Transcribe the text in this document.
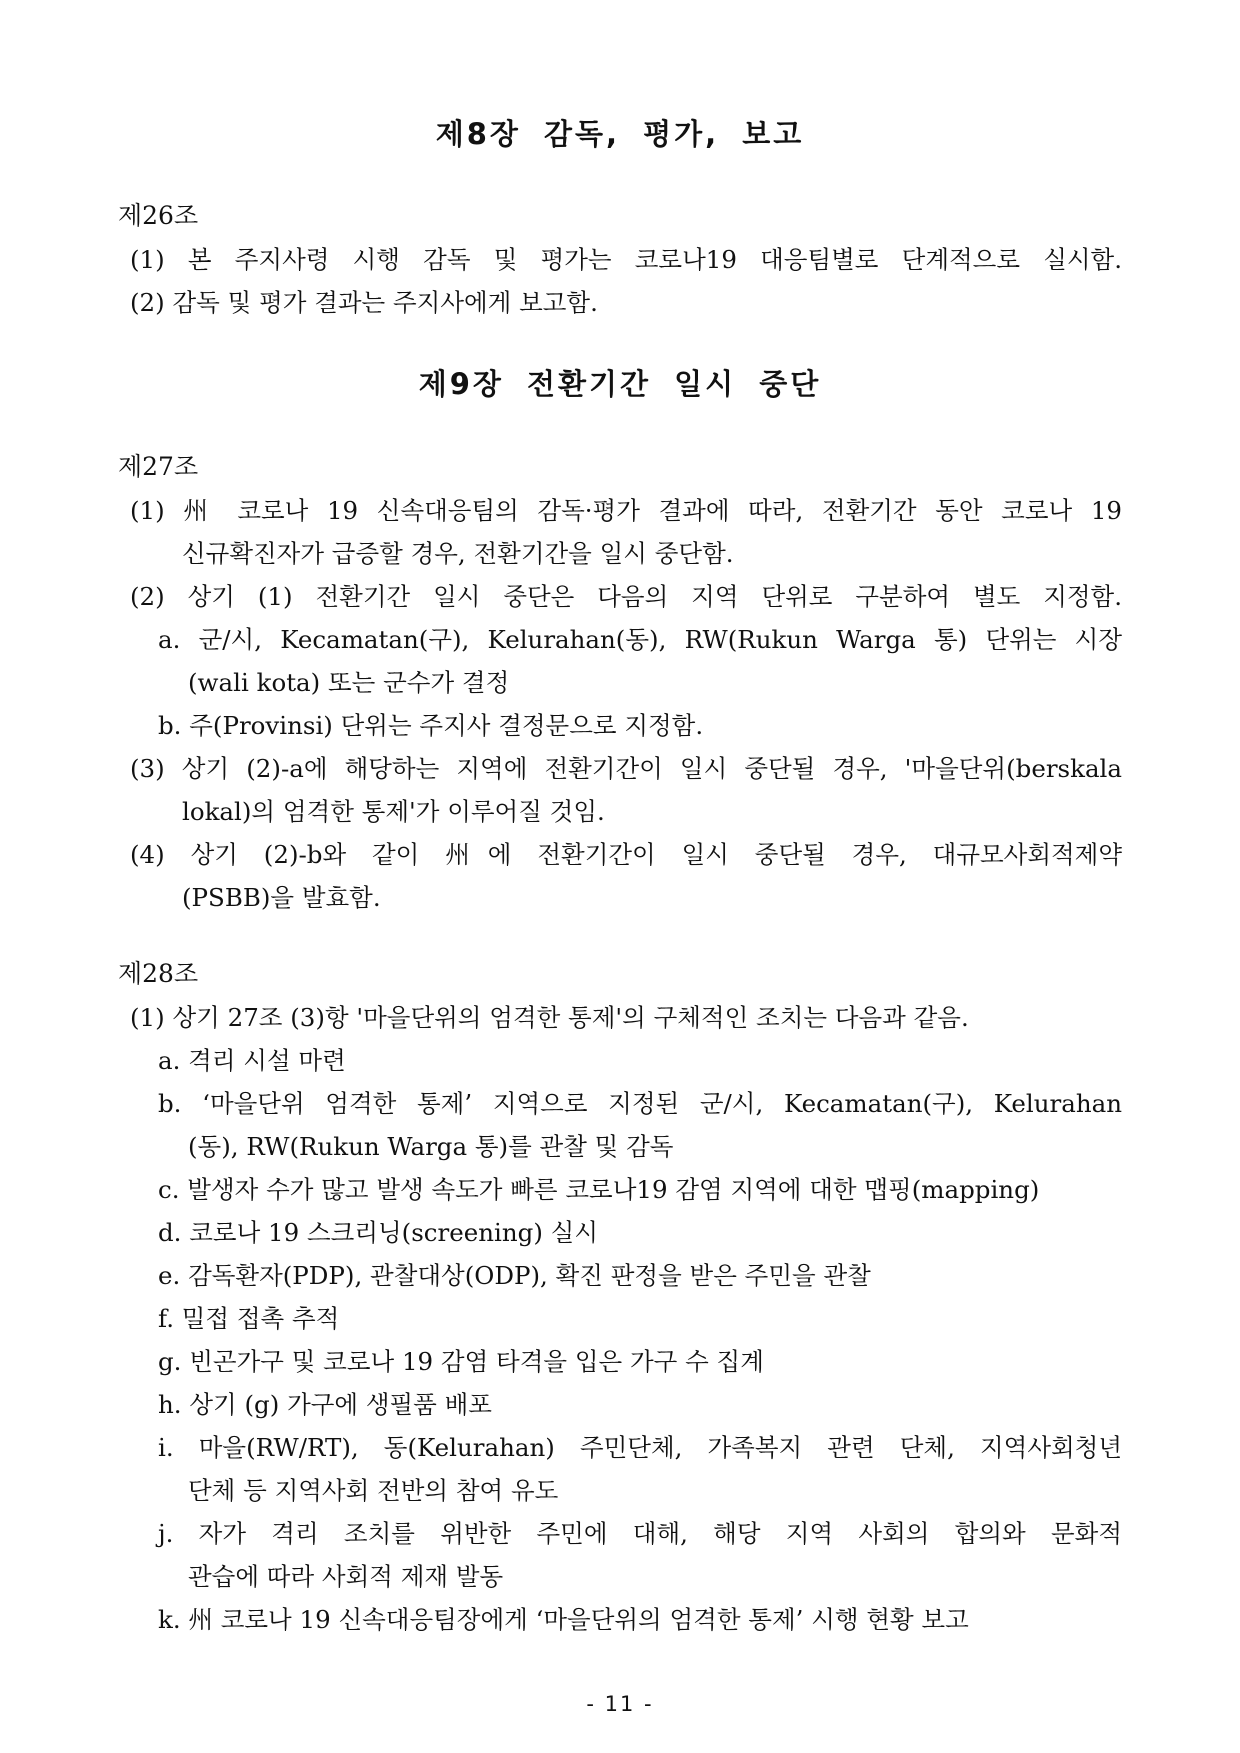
제8장 감독, 평가, 보고
제26조
(1) 본 주지사령 시행 감독 및 평가는 코로나19 대응팀별로 단계적으로 실시함.
(2) 감독 및 평가 결과는 주지사에게 보고함.
제9장 전환기간 일시 중단
제27조
(1) 州 코로나 19 신속대응팀의 감독·평가 결과에 따라, 전환기간 동안 코로나 19
신규확진자가 급증할 경우, 전환기간을 일시 중단함.
(2) 상기 (1) 전환기간 일시 중단은 다음의 지역 단위로 구분하여 별도 지정함.
a. 군/시, Kecamatan(구), Kelurahan(동), RW(Rukun Warga 통) 단위는 시장
(wali kota) 또는 군수가 결정
b. 주(Provinsi) 단위는 주지사 결정문으로 지정함.
(3) 상기 (2)-a에 해당하는 지역에 전환기간이 일시 중단될 경우, '마을단위(berskala
lokal)의 엄격한 통제'가 이루어질 것임.
(4) 상기 (2)-b와 같이 州에 전환기간이 일시 중단될 경우, 대규모사회적제약
(PSBB)을 발효함.
제28조
(1) 상기 27조 (3)항 '마을단위의 엄격한 통제'의 구체적인 조치는 다음과 같음.
a. 격리 시설 마련
b. ‘마을단위 엄격한 통제’ 지역으로 지정된 군/시, Kecamatan(구), Kelurahan
(동), RW(Rukun Warga 통)를 관찰 및 감독
c. 발생자 수가 많고 발생 속도가 빠른 코로나19 감염 지역에 대한 맵핑(mapping)
d. 코로나 19 스크리닝(screening) 실시
e. 감독환자(PDP), 관찰대상(ODP), 확진 판정을 받은 주민을 관찰
f. 밀접 접촉 추적
g. 빈곤가구 및 코로나 19 감염 타격을 입은 가구 수 집계
h. 상기 (g) 가구에 생필품 배포
i. 마을(RW/RT), 동(Kelurahan) 주민단체, 가족복지 관련 단체, 지역사회청년
단체 등 지역사회 전반의 참여 유도
j. 자가 격리 조치를 위반한 주민에 대해, 해당 지역 사회의 합의와 문화적
관습에 따라 사회적 제재 발동
k. 州 코로나 19 신속대응팀장에게 ‘마을단위의 엄격한 통제’ 시행 현황 보고
- 11 -
